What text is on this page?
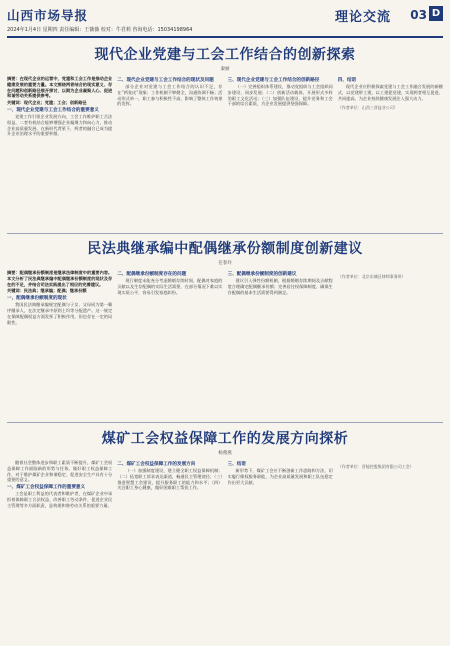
山西市场导报
2024年1月4日 星期四 责任编辑：王薇薇 校对：牛君莉 咨询电话：15034198964
理论交流 03 D
现代企业党建与工会工作结合的创新探索
秦丽

摘要：在现代企业的运营中，党建和工会工作是推动企业健康发展的重要力量。本文围绕两者结合的现实意义、存在问题和创新路径展开探讨，以期为企业凝聚人心、促进和谐劳动关系提供参考。

关键词：现代企业；党建；工会；创新路径

一、现代企业党建与工会工作结合的重要意义

党建工作引领企业发展方向，工会工作维护职工合法权益，二者有机结合能够增强企业凝聚力和向心力，推动企业高质量发展。在新时代背景下，两者的融合已成为提升企业治理水平的重要举措。

二、现代企业党建与工会工作结合的现状及问题

部分企业对党建与工会工作结合的认识不足，存在“两张皮”现象；工作机制不够健全，沟通协调不畅；活动形式单一，职工参与积极性不高，影响了整体工作效果的发挥。

三、现代企业党建与工会工作结合的创新路径

（一）完善组织体系建设，推动党组织与工会组织同步建设、同步发展；（二）创新活动载体，开展形式多样的职工文化活动；（三）加强队伍建设，提升党务和工会干部的综合素质，为企业发展提供坚强保障。

四、结语

现代企业应积极探索党建与工会工作融合发展的新模式，以党建带工建，以工建促党建，实现两者相互促进、共同提高，为企业持续健康发展注入强大动力。

（作者单位：山西三晋盐业公司）

民法典继承编中配偶继承份额制度创新建议
任春玲

摘要：配偶继承份额制度是继承法律制度中的重要内容。本文分析了民法典继承编中配偶继承份额制度的现状及存在的不足，并结合司法实践提出了相应的完善建议。

关键词：民法典；继承编；配偶；继承份额

一、配偶继承份额制度的现状

我国民法典继承编规定配偶与子女、父母同为第一顺序继承人，在法定继承中原则上均等分配遗产。这一规定在保障配偶权益方面发挥了积极作用，但也存在一定的局限性。

二、配偶继承份额制度存在的问题

现行制度未能充分考虑婚姻存续时间、配偶对家庭的贡献以及生存配偶的实际生活需要，在部分情况下难以实现实质公平，容易引发家庭纠纷。

三、配偶继承份额制度的创新建议

建议引入弹性份额机制，根据婚姻存续期间及贡献程度合理确定配偶继承份额；完善居住权保障制度，确保生存配偶的基本生活需要得到满足。

（作者单位：北京东城区律师事务所）

煤矿工会权益保障工作的发展方向探析
杨燕燕

随着社会整体进步和职工素质不断提升，煤矿工会权益保障工作面临新的形势与任务。做好职工权益保障工作，对于维护煤矿企业和谐稳定、促进安全生产具有十分重要的意义。

一、煤矿工会权益保障工作的重要意义

工会是职工利益的代表者和维护者，在煤矿企业中承担着保障职工合法权益、改善职工劳动条件、促进企业民主管理等多方面职责，是构建和谐劳动关系的重要力量。

二、煤矿工会权益保障工作的发展方向

（一）加强制度建设，建立健全职工权益保障机制；（二）拓宽职工诉求表达渠道，畅通民主管理途径；（三）推进智慧工会建设，提升服务职工的能力和水平；（四）关注职工身心健康，做好困难职工帮扶工作。

三、结语

新形势下，煤矿工会应不断创新工作思路和方法，切实履行维权服务职能，为企业高质量发展和职工队伍稳定作出更大贡献。

（作者单位：晋能控股集团有限公司工会）
